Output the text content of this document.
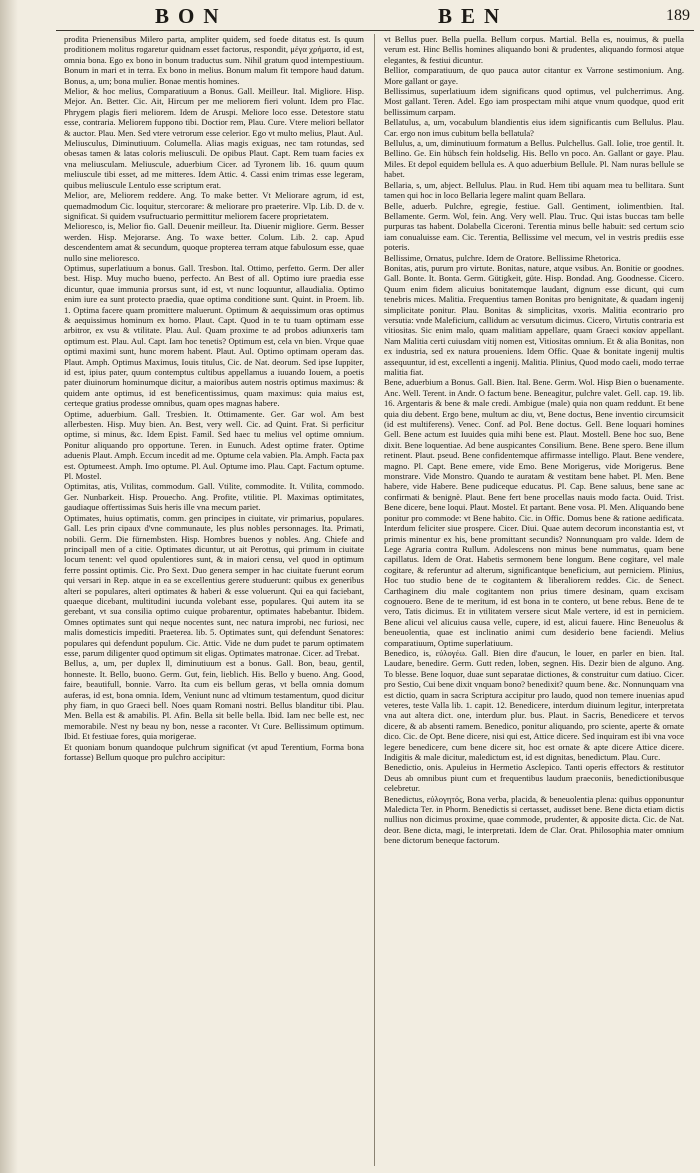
BON	BEN	189

prodita Prienensibus Milero parta, ampliter quidem, sed foede ditatus est. Is quum proditionem molitus rogaretur quidnam esset factorus, respondit, μέγα χρήματα, id est, omnia bona. Ego ex bono in bonum traductus sum. Nihil gratum quod intempestiuum. Bonum in mari et in terra. Ex bono in melius. Bonum malum fit tempore haud datum. Bonus, a, um; bona mulier. Bonae mentis homines.

Melior, & hoc melius, Comparatiuum a Bonus. Gall. Meilleur. Ital. Migliore. Hisp. Mejor. An. Better. Cic. Ait, Hircum per me meliorem fieri volunt. Idem pro Flac. Phrygem plagis fieri meliorem. Idem de Aruspi. Meliore loco esse. Detestore statu esse, contraria. Meliorem fuppono tibi. Doctior rem, Plau. Cure. Vtere meliori bellator & auctor. Plau. Men. Sed vtere vetrorum esse celerior. Ego vt multo melius, Plaut. Aul.

Meliusculus, Diminutiuum. Columella. Alias magis exiguas, nec tam rotundas, sed obesas tamen & latas coloris meliusculi. De opibus Plaut. Capt. Rem tuam facies ex vna meliusculam. Meliuscule, aduerbium Cicer. ad Tyronem lib. 16. quum quum meliuscule tibi esset, ad me mitteres. Idem Attic. 4. Cassi enim trimas esse legeram, quibus meliuscule Lentulo esse scriptum erat.

Melior, are, Meliorem reddere. Ang. To make better. Vt Meliorare agrum, id est, quemadmodum Cic. loquitur, stercorare: & meliorare pro praeterire. Vlp. Lib. D. de v. significat. Si quidem vsufructuario permittitur meliorem facere proprietatem.

Melioresco, is, Melior fio. Gall. Deuenir meilleur. Ita. Diuenir migliore. Germ. Besser werden. Hisp. Mejorarse. Ang. To waxe better. Colum. Lib. 2. cap. Apud descendentem amat & secundum, quoque propterea terram atque fabulosum esse, quae nullo sine melioresco.

Optimus, superlatiuum a bonus. Gall. Tresbon. Ital. Ottimo, perfetto. Germ. Der aller best. Hisp. Muy mucho bueno, perfecto. An Best of all. Optimo iure praedia esse dicuntur, quae immunia prorsus sunt, id est, vt nunc loquuntur, allaudialia. Optimo enim iure ea sunt protecto praedia, quae optima conditione sunt. Quint. in Proem. lib. 1. Optima facere quam promittere maluerunt. Optimum & aequissimum oras optimus & aequissimus hominum ex homo. Plaut. Capt. Quod in te tu tuam optimam esse arbitror, ex vsu & vtilitate. Plau. Aul. Quam proxime te ad probos adiunxeris tam optimum est. Plau. Aul. Capt. Iam hoc tenetis? Optimum est, cela vn bien. Vrque quae optimi maximi sunt, hunc morem habent. Plaut. Aul. Optimo optimam operam das. Plaut. Amph. Optimus Maximus, Iouis titulus, Cic. de Nat. deorum. Sed ipse Iuppiter, id est, ipius pater, quum contemptus cultibus appellamus a iuuando Iouem, a poetis pater diuinorum hominumque dicitur, a maioribus autem nostris optimus maximus: & quidem ante optimus, id est beneficentissimus, quam maximus: quia maius est, certeque gratius prodesse omnibus, quam opes magnas habere.

Optime, aduerbium. Gall. Tresbien. It. Ottimamente. Ger. Gar wol. Am best allerbesten. Hisp. Muy bien. An. Best, very well. Cic. ad Quint. Frat. Si perficitur optime, si minus, &c. Idem Epist. Famil. Sed haec tu melius vel optime omnium. Ponitur aliquando pro opportune. Teren. in Eunuch. Adest optime frater. Optime aduenis Plaut. Amph. Eccum incedit ad me. Optume cela vabien. Pla. Amph. Facta pax est. Optumeest. Amph. Imo optume. Pl. Aul. Optume imo. Plau. Capt. Factum optume. Pl. Mostel.

Optimitas, atis, Vtilitas, commodum. Gall. Vtilite, commodite. It. Vtilita, commodo. Ger. Nunbarkeit. Hisp. Prouecho. Ang. Profite, vtilitie. Pl. Maximas optimitates, gaudiaque offertissimas Suis heris ille vna mecum pariet.

Optimates, huius optimatis, comm. gen principes in ciuitate, vir primarius, populares. Gall. Les prin cipaux d'vne communaute, les plus nobles personnages. Ita. Primati, nobili. Germ. Die fürnembsten. Hisp. Hombres buenos y nobles. Ang. Chiefe and principall men of a citie. Optimates dicuntur, ut ait Perottus, qui primum in ciuitate locum tenent: vel quod opulentiores sunt, & in maiori censu, vel quod in optimum ferre possint optimis. Cic. Pro Sext. Duo genera semper in hac ciuitate fuerunt eorum qui versari in Rep. atque in ea se excellentius gerere studuerunt: quibus ex generibus alteri se populares, alteri optimates & haberi & esse voluerunt. Qui ea qui faciebant, quaeque dicebant, multitudini iucunda volebant esse, populares. Qui autem ita se gerebant, vt sua consilia optimo cuique probarentur, optimates habebantur. Ibidem. Omnes optimates sunt qui neque nocentes sunt, nec natura improbi, nec furiosi, nec malis domesticis impediti. Praeterea. lib. 5. Optimates sunt, qui defendunt Senatores: populares qui defendunt populum. Cic. Attic. Vide ne dum pudet te parum optimatem esse, parum diligenter quod optimum sit eligas. Optimates matronae. Cicer. ad Trebat.

Bellus, a, um, per duplex ll, diminutiuum est a bonus. Gall. Bon, beau, gentil, honneste. It. Bello, buono. Germ. Gut, fein, lieblich. His. Bello y bueno. Ang. Good, faire, beautifull, bonnie. Varro. Ita cum eis bellum geras, vt bella omnia domum auferas, id est, bona omnia. Idem, Veniunt nunc ad vltimum testamentum, quod dicitur phy fiam, in quo Graeci bell. Noes quam Romani nostri. Bellus blanditur tibi. Plau. Men. Bella est & amabilis. Pl. Afin. Bella sit belle bella. Ibid. Iam nec belle est, nec memorabile. N'est ny beau ny bon, nesse a raconter. Vt Cure. Bellissimum optimum. Ibid. Et festiuae fores, quia morigerae.

Et quoniam bonum quandoque pulchrum significat (vt apud Terentium, Forma bona fortasse) Bellum quoque pro pulchro accipitur:

vt Bellus puer. Bella puella. Bellum corpus. Martial. Bella es, nouimus, & puella verum est. Hinc Bellis homines aliquando boni & prudentes, aliquando formosi atque elegantes, & festiui dicuntur.

Bellior, comparatiuum, de quo pauca autor citantur ex Varrone sestimonium. Ang. More gallant or gaye.

Bellissimus, superlatiuum idem significans quod optimus, vel pulcherrimus. Ang. Most gallant. Teren. Adel. Ego iam prospectam mihi atque vnum quodque, quod erit bellissimum carpam.

Bellatulus, a, um, vocabulum blandientis eius idem significantis cum Bellulus. Plau. Car. ergo non imus cubitum bella bellatula?

Bellulus, a, um, diminutiuum formatum a Bellus. Pulchellus. Gall. Iolie, troe gentil. It. Bellino. Ge. Ein hübsch fein holdselig. His. Bello vn poco. An. Gallant or gaye. Plau. Miles. Et depol equidem bellula es. A quo aduerbium Bellule. Pl. Nam nuras bellule se habet.

Bellaria, s, um, abject. Bellulus. Plau. in Rud. Hem tibi aquam mea tu bellitara. Sunt tamen qui hoc in loco Bellaria legere malint quam Bellara.

Belle, aduerb. Pulchre, egregie, festiue. Gall. Gentiment, iolimentbien. Ital. Bellamente. Germ. Wol, fein. Ang. Very well. Plau. Truc. Qui istas buccas tam belle purpuras tas habent. Dolabella Ciceroni. Terentia minus belle habuit: sed certum scio iam conualuisse eam. Cic. Terentia, Bellissime vel mecum, vel in vestris prediis esse poteris.

Bellissime, Ornatus, pulchre. Idem de Oratore. Bellissime Rhetorica.

Bonitas, atis, purum pro virtute. Bonitas, nature, atque vsibus. An. Bonitie or goodnes. Gall. Bonte. It. Bonta. Germ. Gütigkeit, güte. Hisp. Bondad. Ang. Goodnesse. Cicero. Quum enim fidem alicuius bonitatemque laudant, dignum esse dicunt, qui cum tenebris mices. Malitia. Frequentius tamen Bonitas pro benignitate, & quadam ingenij simplicitate ponitur. Plau. Bonitas & simplicitas, vxoris. Malitia econtrario pro versutia: vnde Maleficium, callidum ac versutum dicimus. Cicero, Virtutis contraria est vitiositas. Sic enim malo, quam malitiam appellare, quam Graeci κακίαν appellant. Nam Malitia certi cuiusdam vitij nomen est, Vitiositas omnium. Et & alia Bonitas, non ex industria, sed ex natura proueniens. Idem Offic. Quae & bonitate ingenij multis assequuntur, id est, excellenti a ingenij. Malitia. Plinius, Quod modo caeli, modo terrae malitia fiat.

Bene, aduerbium a Bonus. Gall. Bien. Ital. Bene. Germ. Wol. Hisp Bien o buenamente. Anc. Well. Terent. in Andr. O factum bene. Beneagitur, pulchre valet. Gell. cap. 19. lib. 16. Argentaris & bene & male credi. Ambigue (male) quia non quam reddunt. Et bene quia diu debent. Ergo bene, multum ac diu, vt, Bene doctus, Bene inventio circumsicit (id est multiferens). Venec. Conf. ad Pol. Bene doctus. Gell. Bene loquari homines Gell. Bene actum est Iuuides quia mihi bene est. Plaut. Mostell. Bene hoc suo, Bene dixit. Bene loquentiae. Ad bene auspicantes Consilium. Bene. Bene spero. Bene illum retinent. Plaut. pseud. Bene confidentemque affirmasse intelligo. Plaut. Bene vendere, magno. Pl. Capt. Bene emere, vide Emo. Bene Morigerus, vide Morigerus. Bene monstrare. Vide Monstro. Quando te auratam & vestitam bene habet. Pl. Men. Bene habere, vide Habere. Bene pudiceque educatus. Pl. Cap. Bene saluus, bene sane ac confirmati & benignè. Plaut. Bene fert bene procellas nauis modo facta. Ouid. Trist. Bene dicere, bene loqui. Plaut. Mostel. Et partant. Bene vosa. Pl. Men. Aliquando bene ponitur pro commode: vt Bene habito. Cic. in Offic. Domus bene & ratione aedificata. Interdum feliciter siue prospere. Cicer. Diui. Quae autem decorum inconstantia est, vt primis minentur ex his, bene promittant secundis? Nonnunquam pro valde. Idem de Lege Agraria contra Rullum. Adolescens non minus bene nummatus, quam bene capillatus. Idem de Orat. Habetis sermonem bene longum. Bene cogitare, vel male cogitare, & referuntur ad alterum, significantque beneficium, aut perniciem. Plinius, Hoc tuo studio bene de te cogitantem & liberaliorem reddes. Cic. de Senect. Carthaginem diu male cogitantem non prius timere desinam, quam excisam cognouero. Bene de te meritum, id est bona in te contero, ut bene rebus. Bene de te vero, Tatis dicimus. Et in vtilitatem versere sicut Male vertere, id est in perniciem. Bene alicui vel alicuius causa velle, cupere, id est, alicui fauere. Hinc Beneuolus & beneuolentia, quae est inclinatio animi cum desiderio bene faciendi. Melius comparatiuum, Optime superlatiuum.

Benedico, is, εὐλογέω. Gall. Bien dire d'aucun, le louer, en parler en bien. Ital. Laudare, benedire. Germ. Gutt reden, loben, segnen. His. Dezir bien de alguno. Ang. To blesse. Bene loquor, duae sunt separatae dictiones, & construitur cum datiuo. Cicer. pro Sestio, Cui bene dixit vnquam bono? benedixit? quum bene. &c. Nonnunquam vna est dictio, quam in sacra Scriptura accipitur pro laudo, quod non temere inuenias apud veteres, teste Valla lib. 1. capit. 12. Benedicere, interdum diuinum legitur, interpretata vna aut altera dict. one, interdum plur. bus. Plaut. in Sacris, Benedicere et tervos dicere, & ab absenti ramem. Benedico, ponitur aliquando, pro sciente, aperte & ornate dico. Cic. de Opt. Bene dicere, nisi qui est, Attice dicere. Sed inquiram est ibi vna voce legere benedicere, cum bene dicere sit, hoc est ornate & apte dicere Attice dicere. Indigitis & male dicitur, maledictum est, id est dignitas, benedictum. Plau. Curc.

Benedictio, onis. Apuleius in Hermetio Asclepico. Tanti operis effectors & restitutor Deus ab omnibus piunt cum et frequentibus laudum praeconiis, benedictionibusque celebretur.

Benedictus, εὐλογητός, Bona verba, placida, & beneuolentia plena: quibus opponuntur Maledicta Ter. in Phorm. Benedictis si certasset, audisset bene. Bene dicta etiam dictis nullius non dicimus proxime, quae commode, prudenter, & apposite dicta. Cic. de Nat. deor. Bene dicta, magi, le interpretati. Idem de Clar. Orat. Philosophia mater omnium bene dictorum beneque factorum.
